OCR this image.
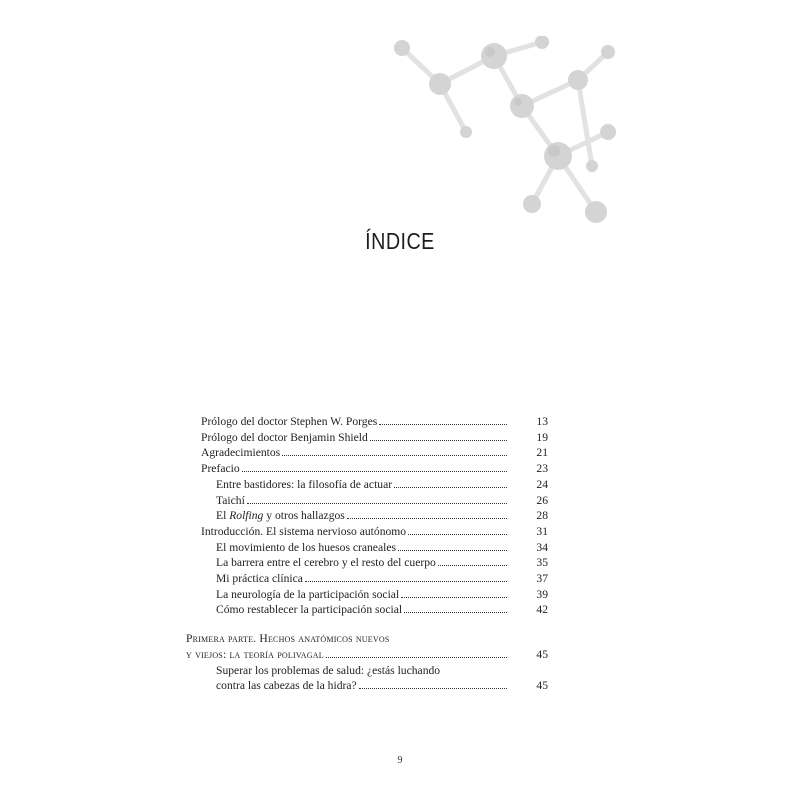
ÍNDICE
Prólogo del doctor Stephen W. Porges	13
Prólogo del doctor Benjamin Shield	19
Agradecimientos	21
Prefacio	23
Entre bastidores: la filosofía de actuar	24
Taichí	26
El Rolfing y otros hallazgos	28
Introducción. El sistema nervioso autónomo	31
El movimiento de los huesos craneales	34
La barrera entre el cerebro y el resto del cuerpo	35
Mi práctica clínica	37
La neurología de la participación social	39
Cómo restablecer la participación social	42
Primera parte. Hechos anatómicos nuevos
y viejos: la teoría polivagal	45
Superar los problemas de salud: ¿estás luchando
contra las cabezas de la hidra?	45
9
